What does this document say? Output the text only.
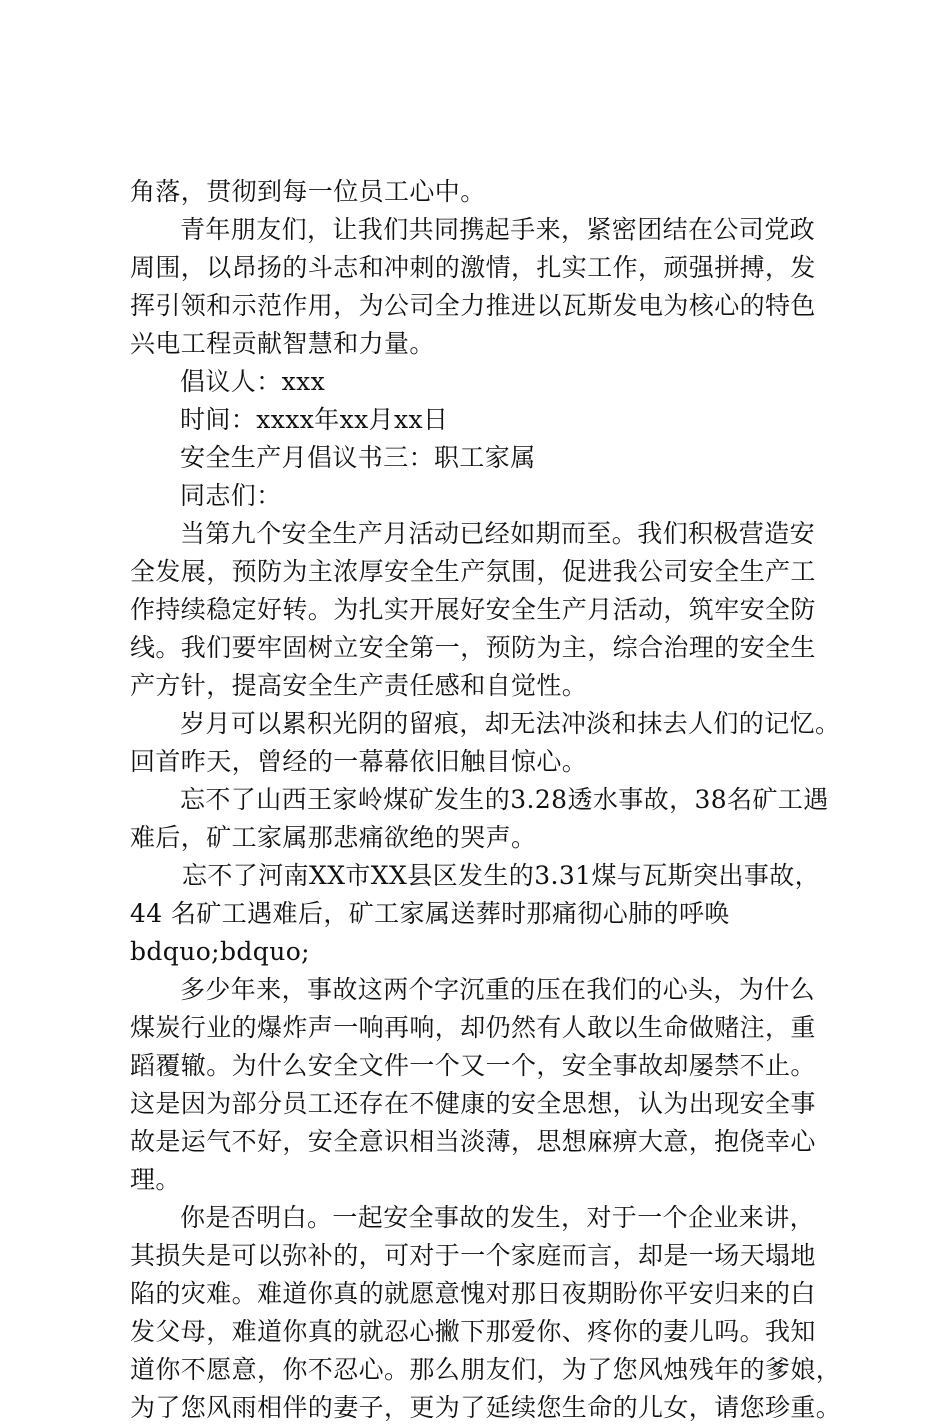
角落，贯彻到每一位员工心中。
青年朋友们，让我们共同携起手来，紧密团结在公司党政
周围，以昂扬的斗志和冲刺的激情，扎实工作，顽强拼搏，发
挥引领和示范作用，为公司全力推进以瓦斯发电为核心的特色
兴电工程贡献智慧和力量。
倡议人：xxx
时间：xxxx年xx月xx日
安全生产月倡议书三：职工家属
同志们：
当第九个安全生产月活动已经如期而至。我们积极营造安
全发展，预防为主浓厚安全生产氛围，促进我公司安全生产工
作持续稳定好转。为扎实开展好安全生产月活动，筑牢安全防
线。我们要牢固树立安全第一，预防为主，综合治理的安全生
产方针，提高安全生产责任感和自觉性。
岁月可以累积光阴的留痕，却无法冲淡和抹去人们的记忆。
回首昨天，曾经的一幕幕依旧触目惊心。
忘不了山西王家岭煤矿发生的3.28透水事故，38名矿工遇
难后，矿工家属那悲痛欲绝的哭声。
忘不了河南XX市XX县区发生的3.31煤与瓦斯突出事故，
44 名矿工遇难后，矿工家属送葬时那痛彻心肺的呼唤
bdquo;bdquo;
多少年来，事故这两个字沉重的压在我们的心头，为什么
煤炭行业的爆炸声一响再响，却仍然有人敢以生命做赌注，重
蹈覆辙。为什么安全文件一个又一个，安全事故却屡禁不止。
这是因为部分员工还存在不健康的安全思想，认为出现安全事
故是运气不好，安全意识相当淡薄，思想麻痹大意，抱侥幸心
理。
你是否明白。一起安全事故的发生，对于一个企业来讲，
其损失是可以弥补的，可对于一个家庭而言，却是一场天塌地
陷的灾难。难道你真的就愿意愧对那日夜期盼你平安归来的白
发父母，难道你真的就忍心撇下那爱你、疼你的妻儿吗。我知
道你不愿意，你不忍心。那么朋友们，为了您风烛残年的爹娘，
为了您风雨相伴的妻子，更为了延续您生命的儿女，请您珍重。
